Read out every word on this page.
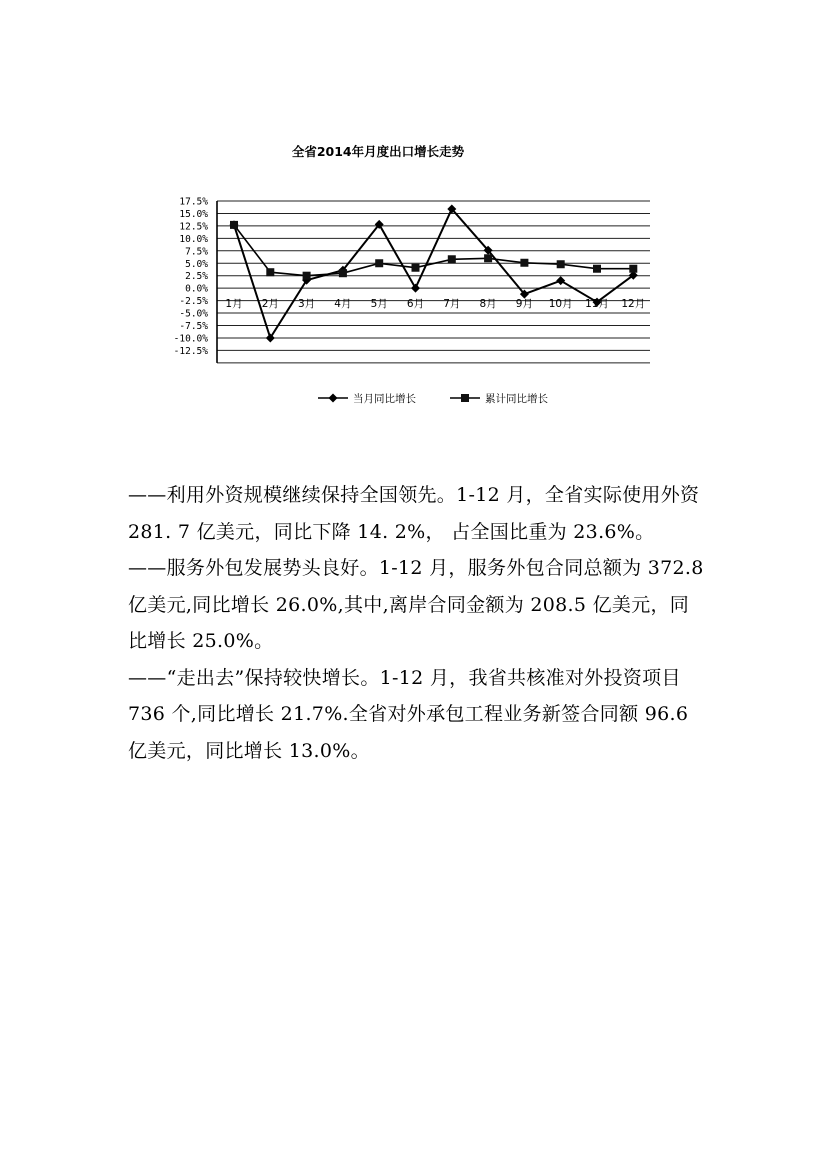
全省2014年月度出口增长走势
17.5%
15.0%
12.5%
10.0%
7.5%
5.0%
2.5%
0.0%
-2.5%
-5.0%
-7.5%
-10.0%
-12.5%
1月 2月 3月 4月 5月 6月 7月 8月 9月 10月 11月 12月
当月同比增长	累计同比增长

——利用外资规模继续保持全国领先。1-12 月，全省实际使用外资 281. 7 亿美元，同比下降 14. 2%， 占全国比重为 23.6%。

——服务外包发展势头良好。1-12 月，服务外包合同总额为 372.8 亿美元,同比增长 26.0%,其中,离岸合同金额为 208.5 亿美元，同比增长 25.0%。

——“走出去”保持较快增长。1-12 月，我省共核准对外投资项目 736 个,同比增长 21.7%.全省对外承包工程业务新签合同额 96.6 亿美元，同比增长 13.0%。
